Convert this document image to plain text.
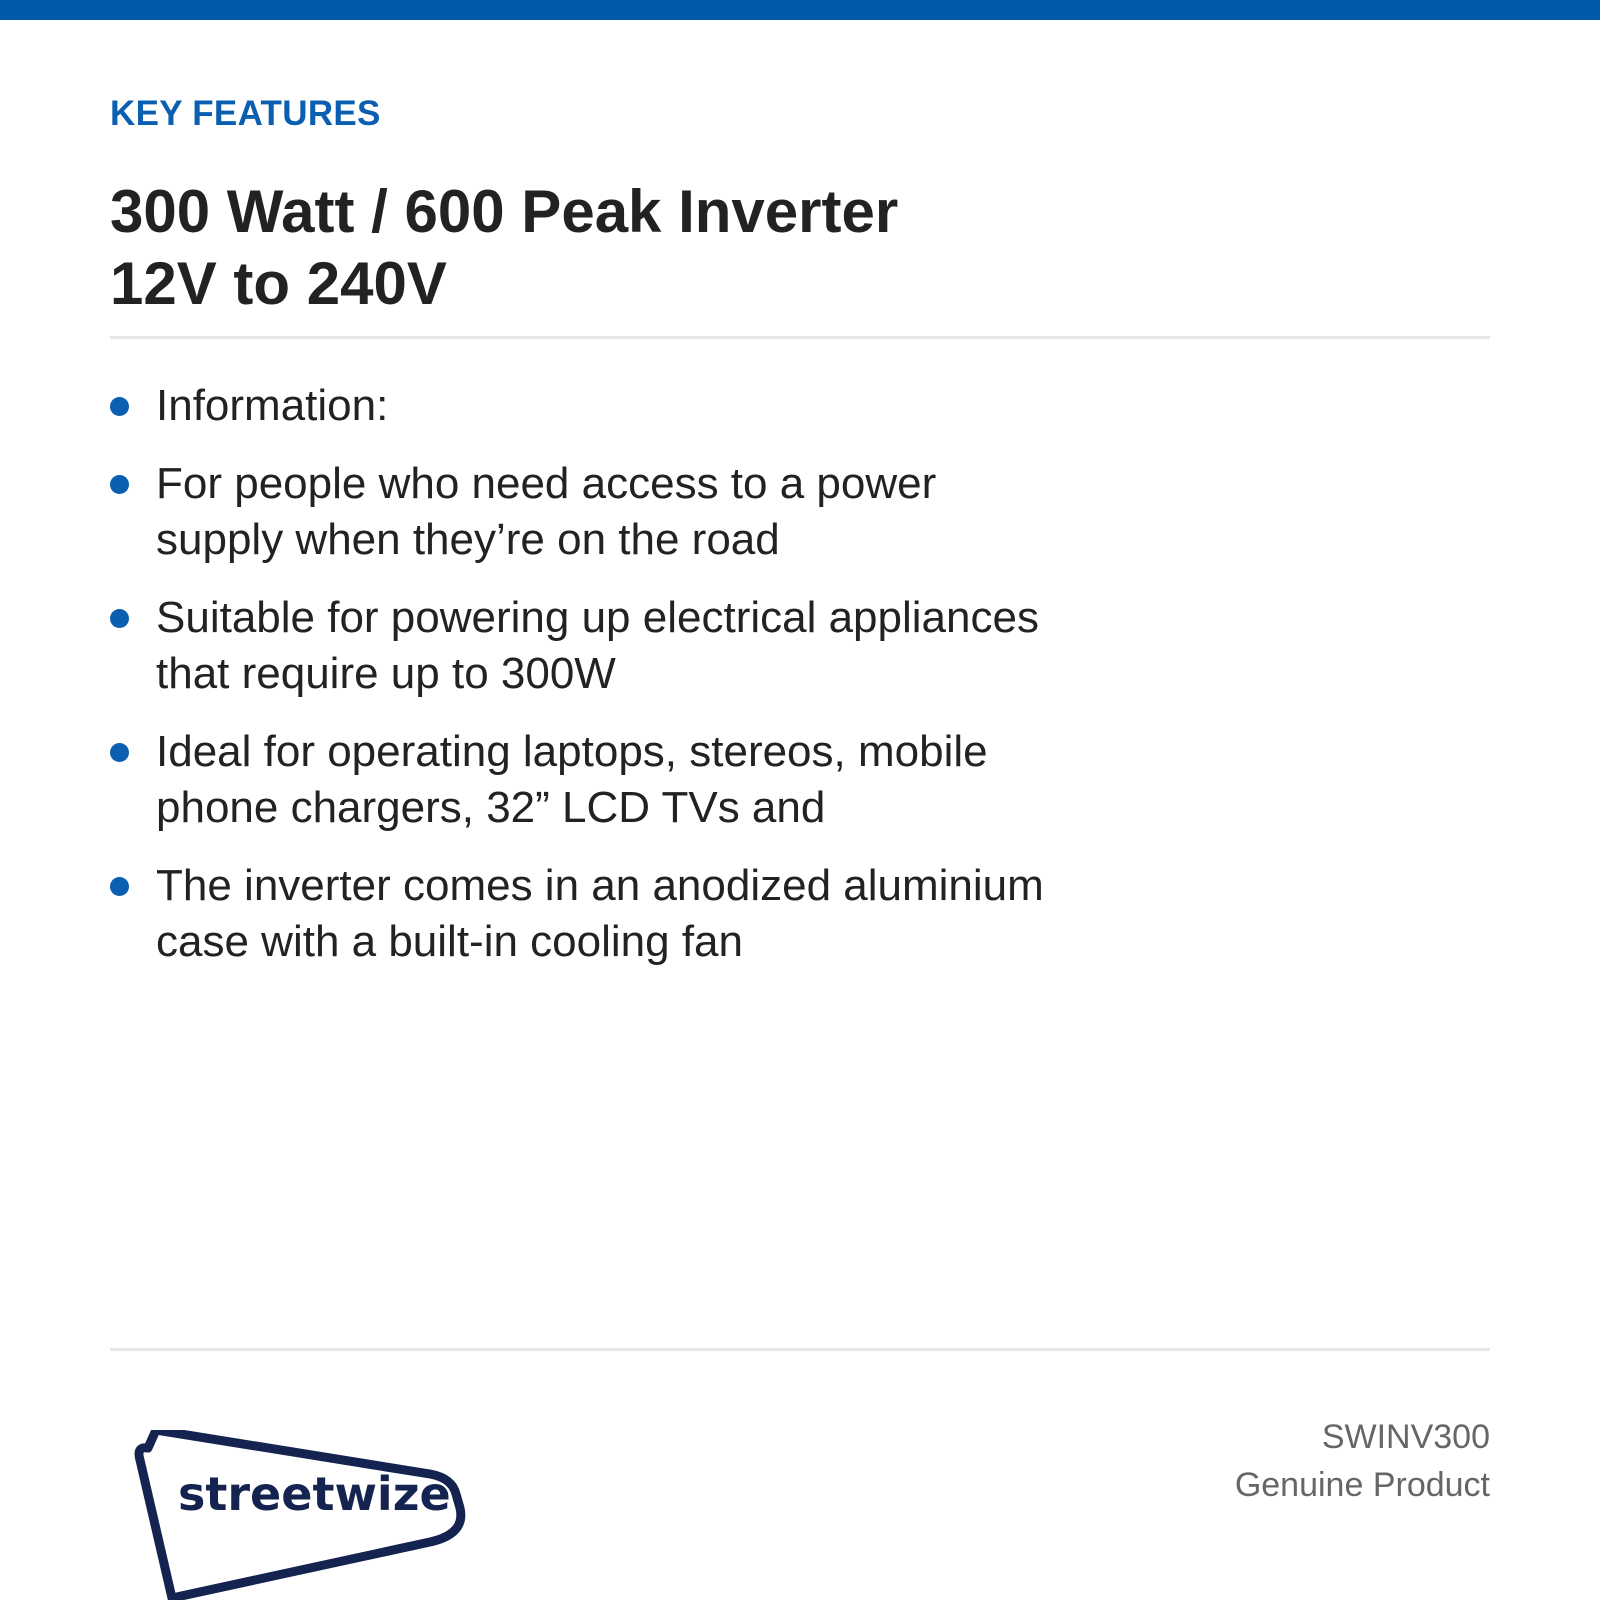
KEY FEATURES
300 Watt / 600 Peak Inverter
12V to 240V
Information:
For people who need access to a power supply when they’re on the road
Suitable for powering up electrical appliances that require up to 300W
Ideal for operating laptops, stereos, mobile phone chargers, 32” LCD TVs and
The inverter comes in an anodized aluminium case with a built-in cooling fan
streetwize
SWINV300
Genuine Product
